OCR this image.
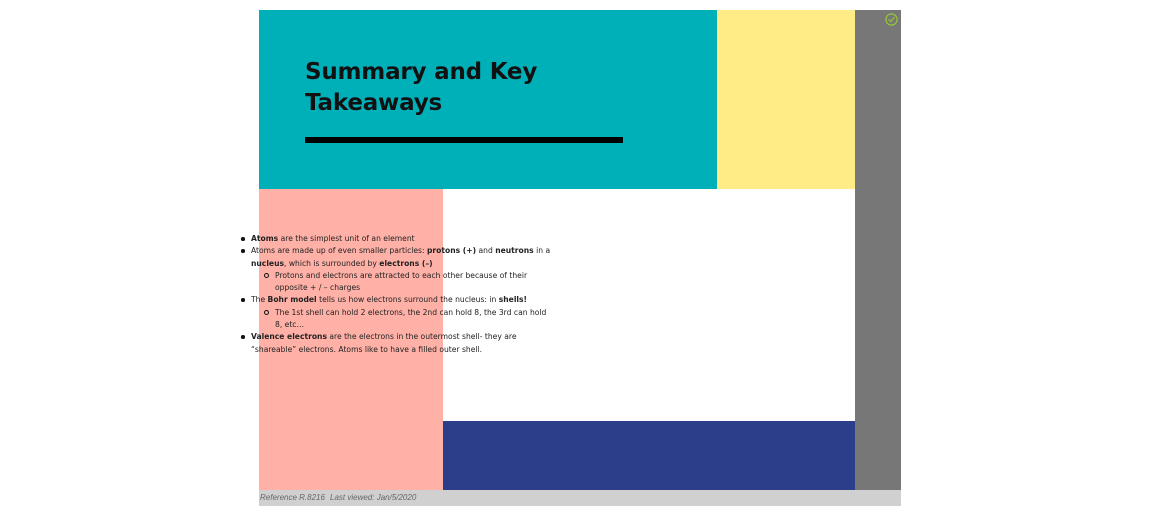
Summary and Key Takeaways
Reference R.8216 Last viewed: Jan/5/2020
Atoms are the simplest unit of an element
Atoms are made up of even smaller particles: protons (+) and neutrons in a nucleus, which is surrounded by electrons (–)
Protons and electrons are attracted to each other because of their opposite + / – charges
The Bohr model tells us how electrons surround the nucleus: in shells!
The 1st shell can hold 2 electrons, the 2nd can hold 8, the 3rd can hold 8, etc…
Valence electrons are the electrons in the outermost shell- they are “shareable” electrons. Atoms like to have a filled outer shell.
